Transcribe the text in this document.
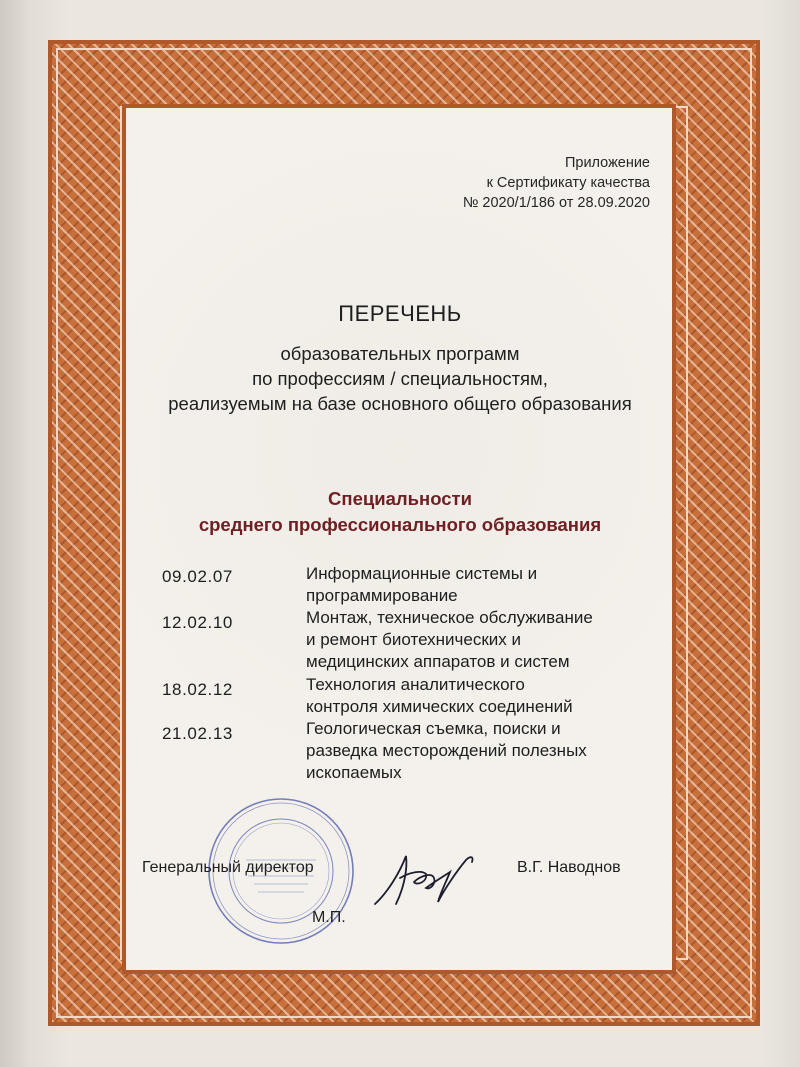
Приложение
к Сертификату качества
№ 2020/1/186 от 28.09.2020
ПЕРЕЧЕНЬ
образовательных программ
по профессиям / специальностям,
реализуемым на базе основного общего образования
Специальности
среднего профессионального образования
09.02.07	Информационные системы и
программирование
12.02.10	Монтаж, техническое обслуживание
и ремонт биотехнических и
медицинских аппаратов и систем
18.02.12	Технология аналитического
контроля химических соединений
21.02.13	Геологическая съемка, поиски и
разведка месторождений полезных
ископаемых
Генеральный директор
М.П.
В.Г. Наводнов
